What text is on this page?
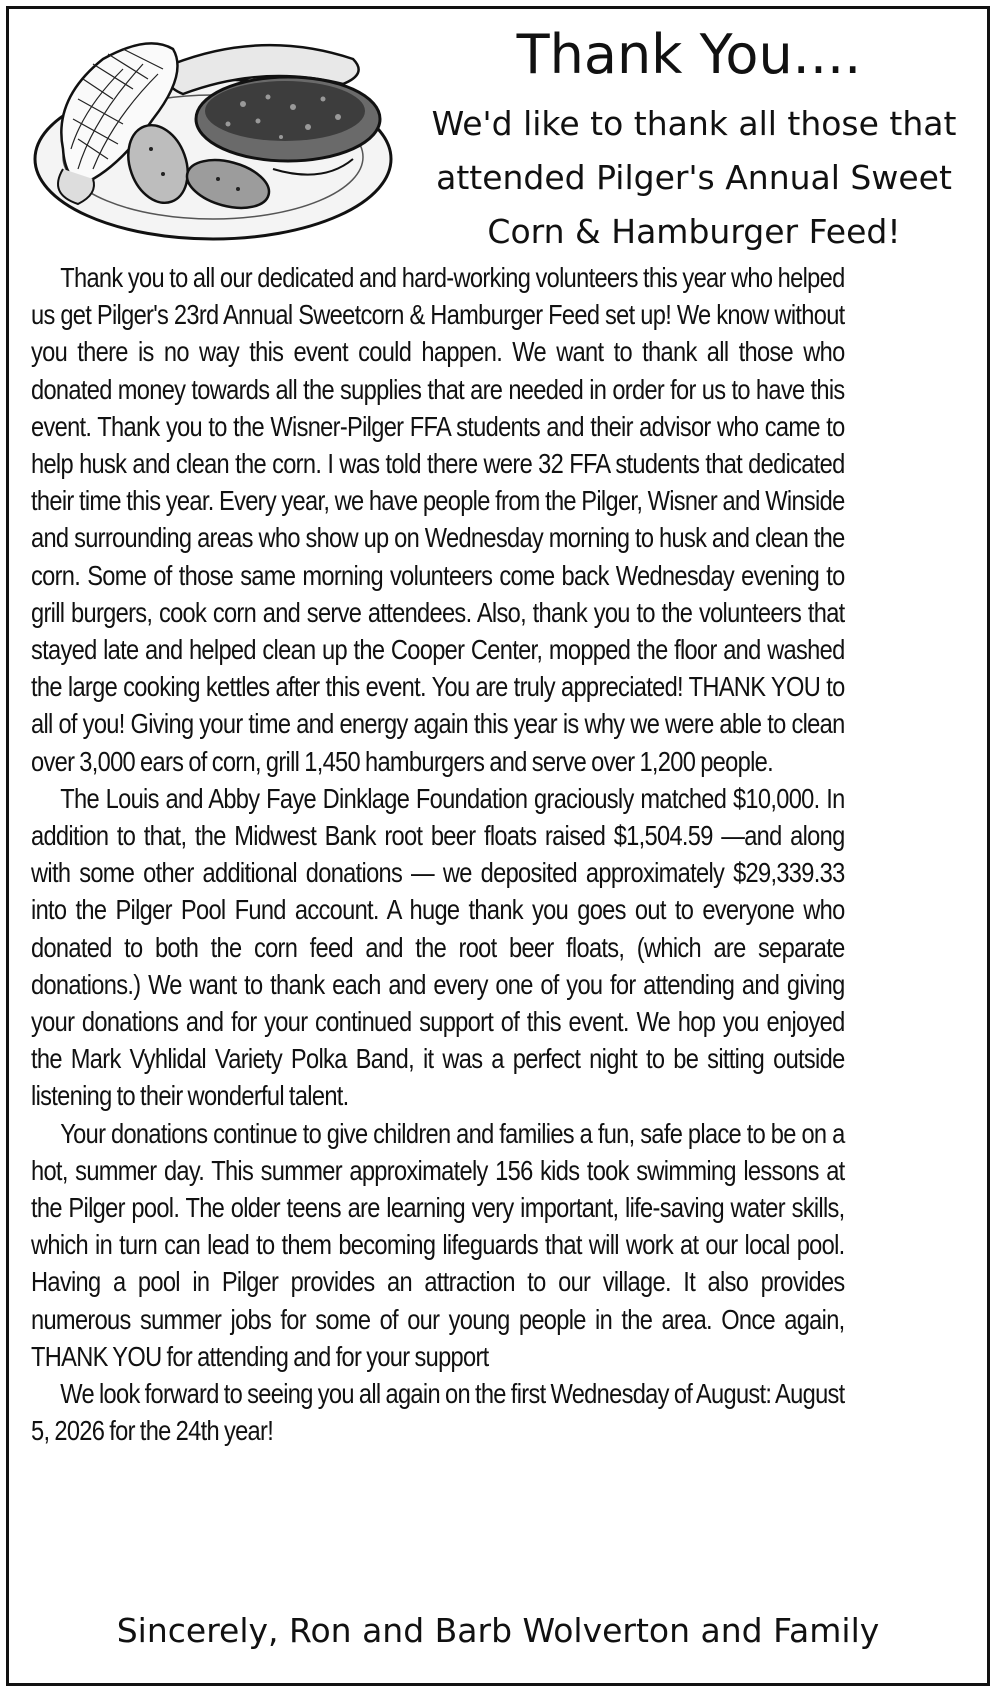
Thank You....
We'd like to thank all those that attended Pilger's Annual Sweet Corn & Hamburger Feed!

Thank you to all our dedicated and hard-working volunteers this year who helped us get Pilger's 23rd Annual Sweetcorn & Hamburger Feed set up! We know without you there is no way this event could happen. We want to thank all those who donated money towards all the supplies that are needed in order for us to have this event. Thank you to the Wisner-Pilger FFA students and their advisor who came to help husk and clean the corn. I was told there were 32 FFA students that dedicated their time this year. Every year, we have people from the Pilger, Wisner and Winside and surrounding areas who show up on Wednesday morning to husk and clean the corn. Some of those same morning volunteers come back Wednesday evening to grill burgers, cook corn and serve attendees. Also, thank you to the volunteers that stayed late and helped clean up the Cooper Center, mopped the floor and washed the large cooking kettles after this event. You are truly appreciated! THANK YOU to all of you! Giving your time and energy again this year is why we were able to clean over 3,000 ears of corn, grill 1,450 hamburgers and serve over 1,200 people.

The Louis and Abby Faye Dinklage Foundation graciously matched $10,000. In addition to that, the Midwest Bank root beer floats raised $1,504.59 —and along with some other additional donations — we deposited approximately $29,339.33 into the Pilger Pool Fund account. A huge thank you goes out to everyone who donated to both the corn feed and the root beer floats, (which are separate donations.) We want to thank each and every one of you for attending and giving your donations and for your continued support of this event. We hop you enjoyed the Mark Vyhlidal Variety Polka Band, it was a perfect night to be sitting outside listening to their wonderful talent.

Your donations continue to give children and families a fun, safe place to be on a hot, summer day. This summer approximately 156 kids took swimming lessons at the Pilger pool. The older teens are learning very important, life-saving water skills, which in turn can lead to them becoming lifeguards that will work at our local pool. Having a pool in Pilger provides an attraction to our village. It also provides numerous summer jobs for some of our young people in the area. Once again, THANK YOU for attending and for your support

We look forward to seeing you all again on the first Wednesday of August: August 5, 2026 for the 24th year!

Sincerely, Ron and Barb Wolverton and Family
